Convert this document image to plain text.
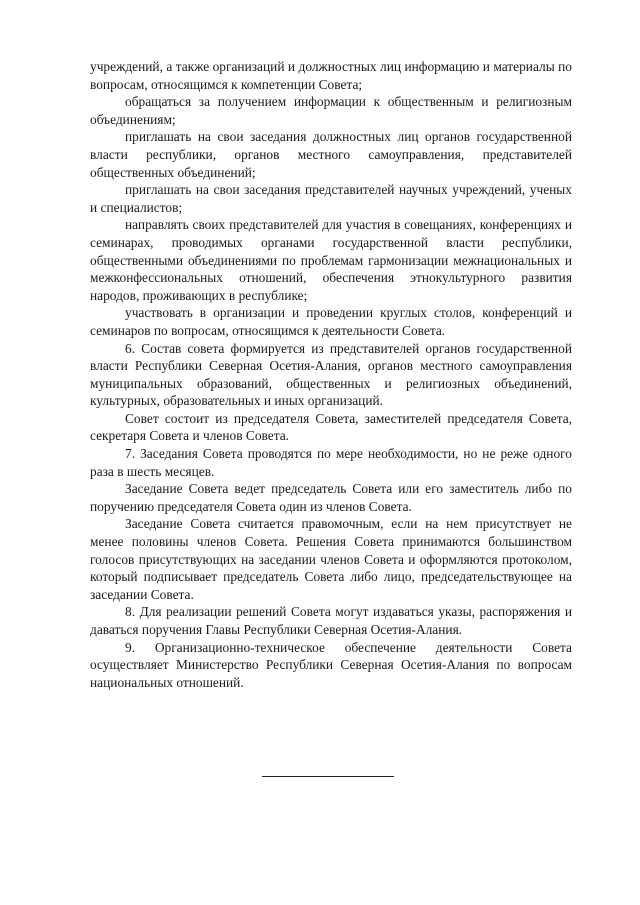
учреждений, а также организаций и должностных лиц информацию и материалы по вопросам, относящимся к компетенции Совета;

обращаться за получением информации к общественным и религиозным объединениям;

приглашать на свои заседания должностных лиц органов государственной власти республики, органов местного самоуправления, представителей общественных объединений;

приглашать на свои заседания представителей научных учреждений, ученых и специалистов;

направлять своих представителей для участия в совещаниях, конференциях и семинарах, проводимых органами государственной власти республики, общественными объединениями по проблемам гармонизации межнациональных и межконфессиональных отношений, обеспечения этнокультурного развития народов, проживающих в республике;

участвовать в организации и проведении круглых столов, конференций и семинаров по вопросам, относящимся к деятельности Совета.

6. Состав совета формируется из представителей органов государственной власти Республики Северная Осетия-Алания, органов местного самоуправления муниципальных образований, общественных и религиозных объединений, культурных, образовательных и иных организаций.

Совет состоит из председателя Совета, заместителей председателя Совета, секретаря Совета и членов Совета.

7. Заседания Совета проводятся по мере необходимости, но не реже одного раза в шесть месяцев.

Заседание Совета ведет председатель Совета или его заместитель либо по поручению председателя Совета один из членов Совета.

Заседание Совета считается правомочным, если на нем присутствует не менее половины членов Совета. Решения Совета принимаются большинством голосов присутствующих на заседании членов Совета и оформляются протоколом, который подписывает председатель Совета либо лицо, председательствующее на заседании Совета.

8. Для реализации решений Совета могут издаваться указы, распоряжения и даваться поручения Главы Республики Северная Осетия-Алания.

9. Организационно-техническое обеспечение деятельности Совета осуществляет Министерство Республики Северная Осетия-Алания по вопросам национальных отношений.
